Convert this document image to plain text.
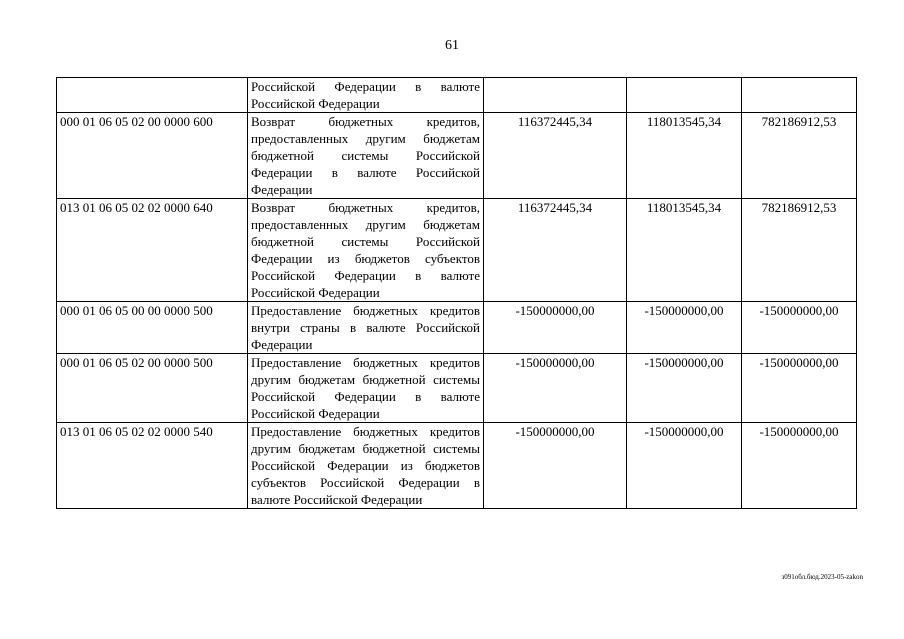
61
	Российской Федерации в валюте Российской Федерации			
000 01 06 05 02 00 0000 600	Возврат бюджетных кредитов, предоставленных другим бюджетам бюджетной системы Российской Федерации в валюте Российской Федерации	116372445,34	118013545,34	782186912,53
013 01 06 05 02 02 0000 640	Возврат бюджетных кредитов, предоставленных другим бюджетам бюджетной системы Российской Федерации из бюджетов субъектов Российской Федерации в валюте Российской Федерации	116372445,34	118013545,34	782186912,53
000 01 06 05 00 00 0000 500	Предоставление бюджетных кредитов внутри страны в валюте Российской Федерации	-150000000,00	-150000000,00	-150000000,00
000 01 06 05 02 00 0000 500	Предоставление бюджетных кредитов другим бюджетам бюджетной системы Российской Федерации в валюте Российской Федерации	-150000000,00	-150000000,00	-150000000,00
013 01 06 05 02 02 0000 540	Предоставление бюджетных кредитов другим бюджетам бюджетной системы Российской Федерации из бюджетов субъектов Российской Федерации в валюте Российской Федерации	-150000000,00	-150000000,00	-150000000,00
з091обл.бюд.2023-05-zakon
